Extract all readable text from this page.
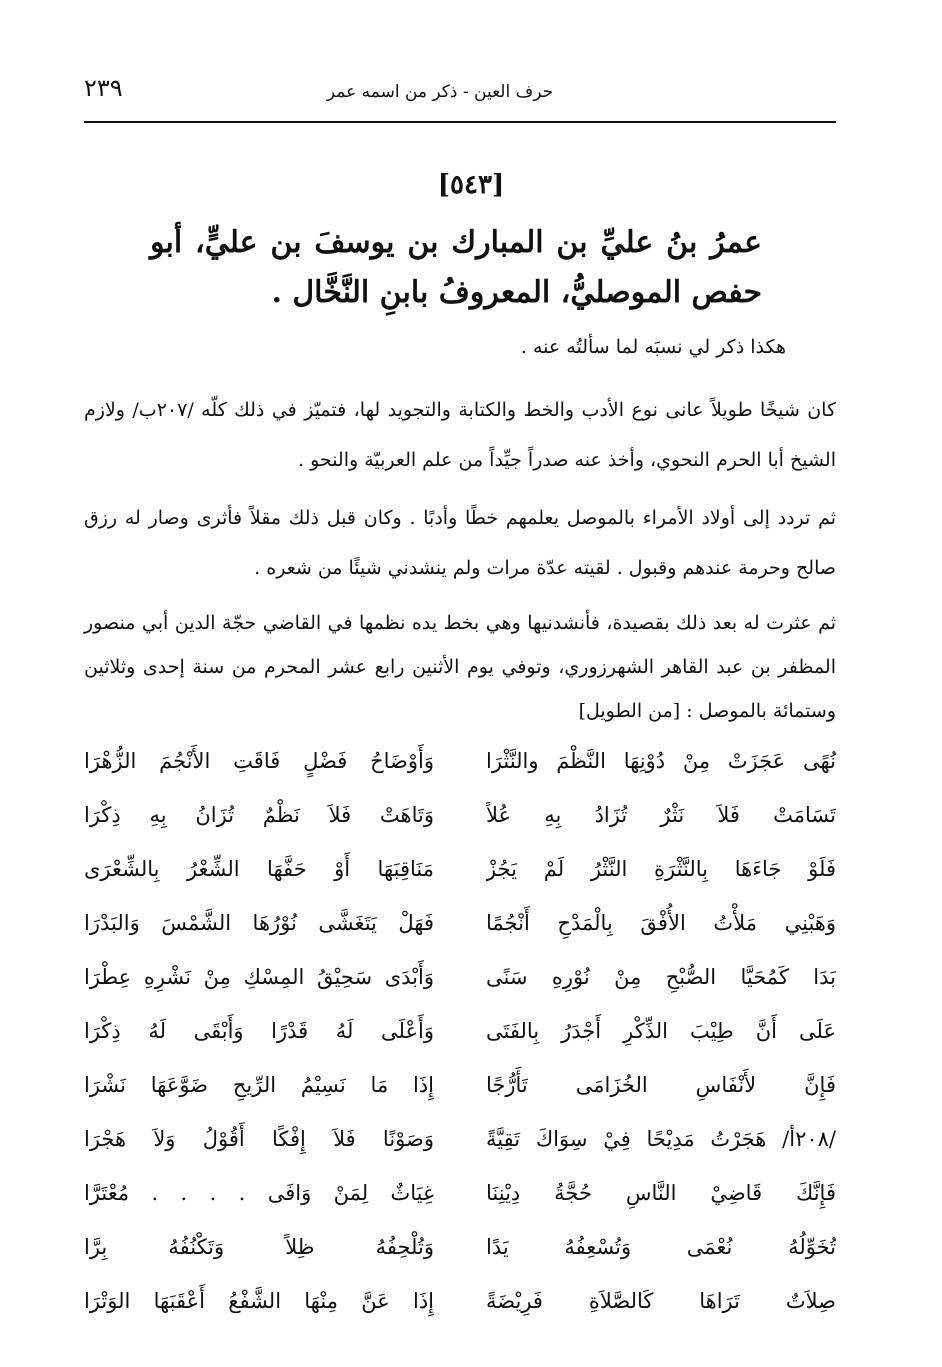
حرف العين - ذكر من اسمه عمر
٢٣٩
[٥٤٣]
عمرُ بنُ عليِّ بن المبارك بن يوسفَ بن عليٍّ، أبو حفص الموصليُّ، المعروفُ بابنِ النَّخَّال .
هكذا ذكر لي نسبَه لما سألتُه عنه .
كان شيخًا طويلاً عانى نوع الأدب والخط والكتابة والتجويد لها، فتميّز في ذلك كلّه /٢٠٧ب/ ولازم الشيخ أبا الحرم النحوي، وأخذ عنه صدراً جيِّداً من علم العربيّة والنحو .
ثم تردد إلى أولاد الأمراء بالموصل يعلمهم خطًا وأدبًا . وكان قبل ذلك مقلاً فأثرى وصار له رزق صالح وحرمة عندهم وقبول . لقيته عدّة مرات ولم ينشدني شيئًا من شعره .
ثم عثرت له بعد ذلك بقصيدة، فأنشدنيها وهي بخط يده نظمها في القاضي حجّة الدين أبي منصور المظفر بن عبد القاهر الشهرزوري، وتوفي يوم الأثنين رابع عشر المحرم من سنة إحدى وثلاثين وستمائة بالموصل : [من الطويل]
نُهًى عَجَزَتْ مِنْ دُوْنِهَا النَّظْمَ والنَّثْرَا
وَأَوْضَاحُ فَضْلٍ فَاقَتِ الأَنْجُمَ الزُّهْرَا
تَسَامَتْ فَلاَ نَثْرٌ تُزَادُ بِهِ عُلاً
وَتَاهَتْ فَلاَ نَظْمٌ تُزَانُ بِهِ ذِكْرَا
فَلَوْ جَاءَهَا بِالنَّثْرَةِ النَّثْرُ لَمْ يَجُزْ
مَنَاقِبَهَا أَوْ حَفَّهَا الشِّعْرُ بِالشِّعْرَى
وَهَبْنِي مَلأْتُ الأُفْقَ بِالْمَدْحِ أَنْجُمًا
فَهَلْ يَتَغَشَّى نُوْرُهَا الشَّمْسَ وَالبَدْرَا
بَدَا كَمُحَيَّا الصُّبْحِ مِنْ نُوْرِهِ سَنًى
وَأَبْدَى سَحِيْقُ المِسْكِ مِنْ نَشْرِهِ عِطْرَا
عَلَى أَنَّ طِيْبَ الذِّكْرِ أَجْدَرُ بِالفَتَى
وَأَعْلَى لَهُ قَدْرًا وَأَبْقَى لَهُ ذِكْرَا
فَإِنَّ لأَنْفَاسِ الخُزَامَى تَأَرُّجًا
إِذَا مَا نَسِيْمُ الرِّيحِ ضَوَّعَهَا نَشْرَا
/٢٠٨أ/ هَجَرْتُ مَدِيْحًا فِيْ سِوَاكَ تَقِيَّةً
وَصَوْنًا فَلاَ إِفْكًا أَقُوْلُ وَلاَ هَجْرَا
فَإِنَّكَ قَاضِيْ النَّاسِ حُجَّةُ دِيْنِنَا
غِيَاثٌ لِمَنْ وَافَى . . . . مُعْتَرَّا
تُخَوِّلُهُ نُعْمَى وَتُسْعِفُهُ يَدًا
وَتُلْحِفُهُ ظِلاً وَتَكْنُفُهُ بِرَّا
صِلاَتٌ تَرَاهَا كَالصَّلاَةِ فَرِيْضَةً
إِذَا عَنَّ مِنْهَا الشَّفْعُ أَعْقَبَهَا الوَتْرَا
